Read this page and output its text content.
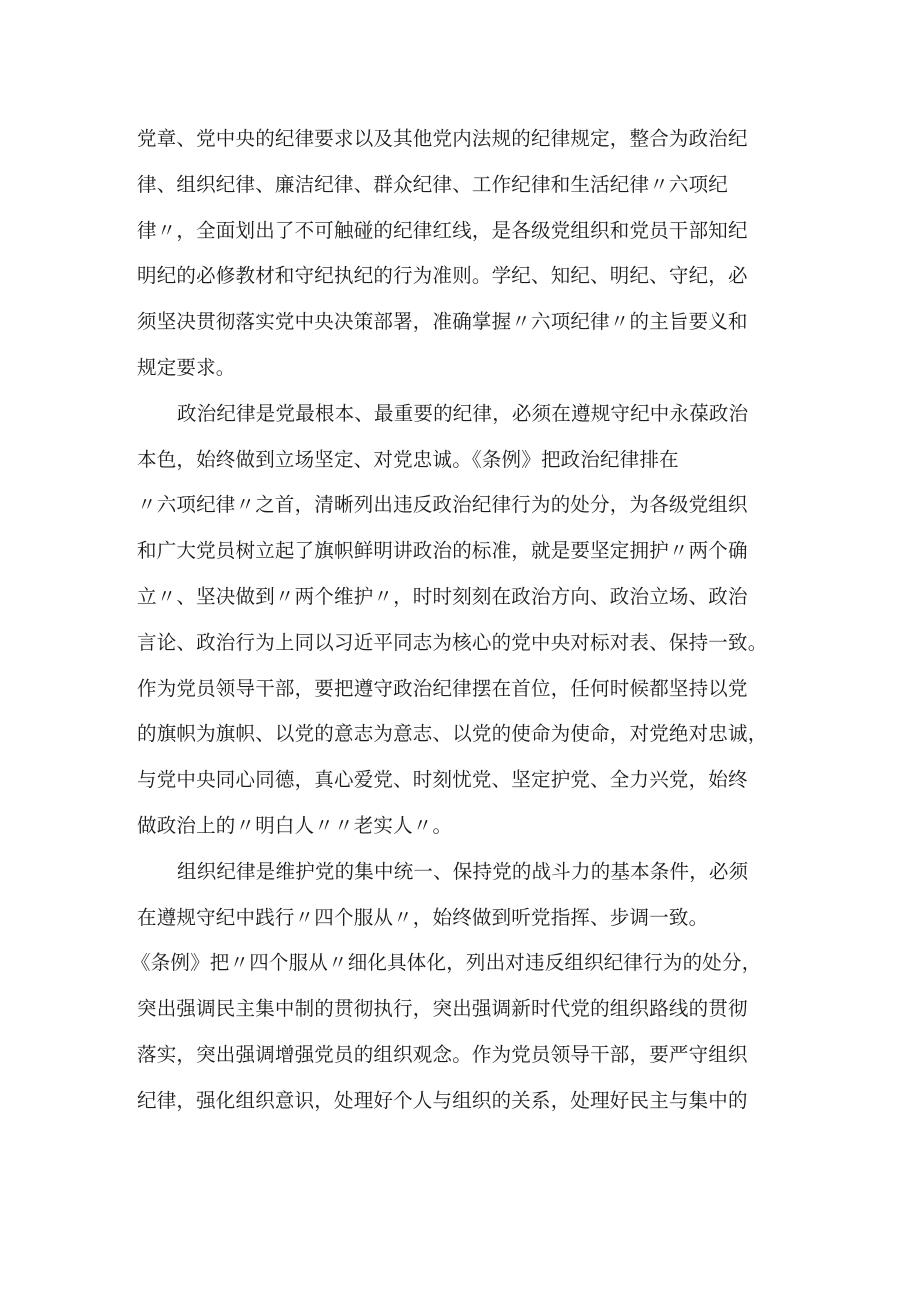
党章、党中央的纪律要求以及其他党内法规的纪律规定，整合为政治纪
律、组织纪律、廉洁纪律、群众纪律、工作纪律和生活纪律〃六项纪
律〃，全面划出了不可触碰的纪律红线，是各级党组织和党员干部知纪
明纪的必修教材和守纪执纪的行为准则。学纪、知纪、明纪、守纪，必
须坚决贯彻落实党中央决策部署，准确掌握〃六项纪律〃的主旨要义和
规定要求。
政治纪律是党最根本、最重要的纪律，必须在遵规守纪中永葆政治
本色，始终做到立场坚定、对党忠诚。《条例》把政治纪律排在
〃六项纪律〃之首，清晰列出违反政治纪律行为的处分，为各级党组织
和广大党员树立起了旗帜鲜明讲政治的标准，就是要坚定拥护〃两个确
立〃、坚决做到〃两个维护〃，时时刻刻在政治方向、政治立场、政治
言论、政治行为上同以习近平同志为核心的党中央对标对表、保持一致。
作为党员领导干部，要把遵守政治纪律摆在首位，任何时候都坚持以党
的旗帜为旗帜、以党的意志为意志、以党的使命为使命，对党绝对忠诚，
与党中央同心同德，真心爱党、时刻忧党、坚定护党、全力兴党，始终
做政治上的〃明白人〃〃老实人〃。
组织纪律是维护党的集中统一、保持党的战斗力的基本条件，必须
在遵规守纪中践行〃四个服从〃，始终做到听党指挥、步调一致。
《条例》把〃四个服从〃细化具体化，列出对违反组织纪律行为的处分，
突出强调民主集中制的贯彻执行，突出强调新时代党的组织路线的贯彻
落实，突出强调增强党员的组织观念。作为党员领导干部，要严守组织
纪律，强化组织意识，处理好个人与组织的关系，处理好民主与集中的
